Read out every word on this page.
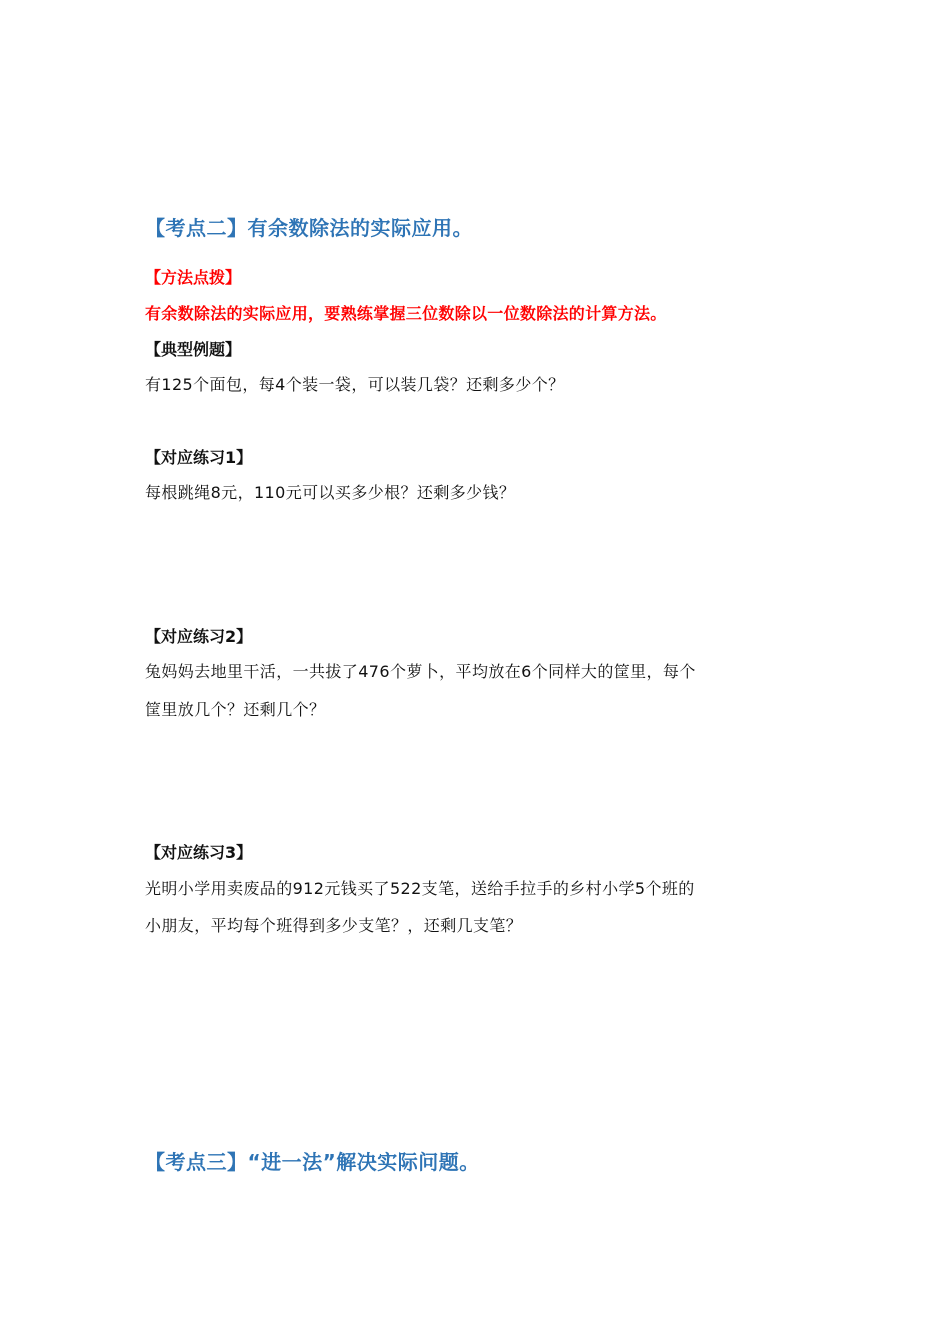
【考点二】有余数除法的实际应用。
【方法点拨】
有余数除法的实际应用，要熟练掌握三位数除以一位数除法的计算方法。
【典型例题】
有125个面包，每4个装一袋，可以装几袋？还剩多少个？
【对应练习1】
每根跳绳8元，110元可以买多少根？还剩多少钱？
【对应练习2】
兔妈妈去地里干活，一共拔了476个萝卜，平均放在6个同样大的筐里，每个
筐里放几个？还剩几个？
【对应练习3】
光明小学用卖废品的912元钱买了522支笔，送给手拉手的乡村小学5个班的
小朋友，平均每个班得到多少支笔？，还剩几支笔？
【考点三】“进一法”解决实际问题。
